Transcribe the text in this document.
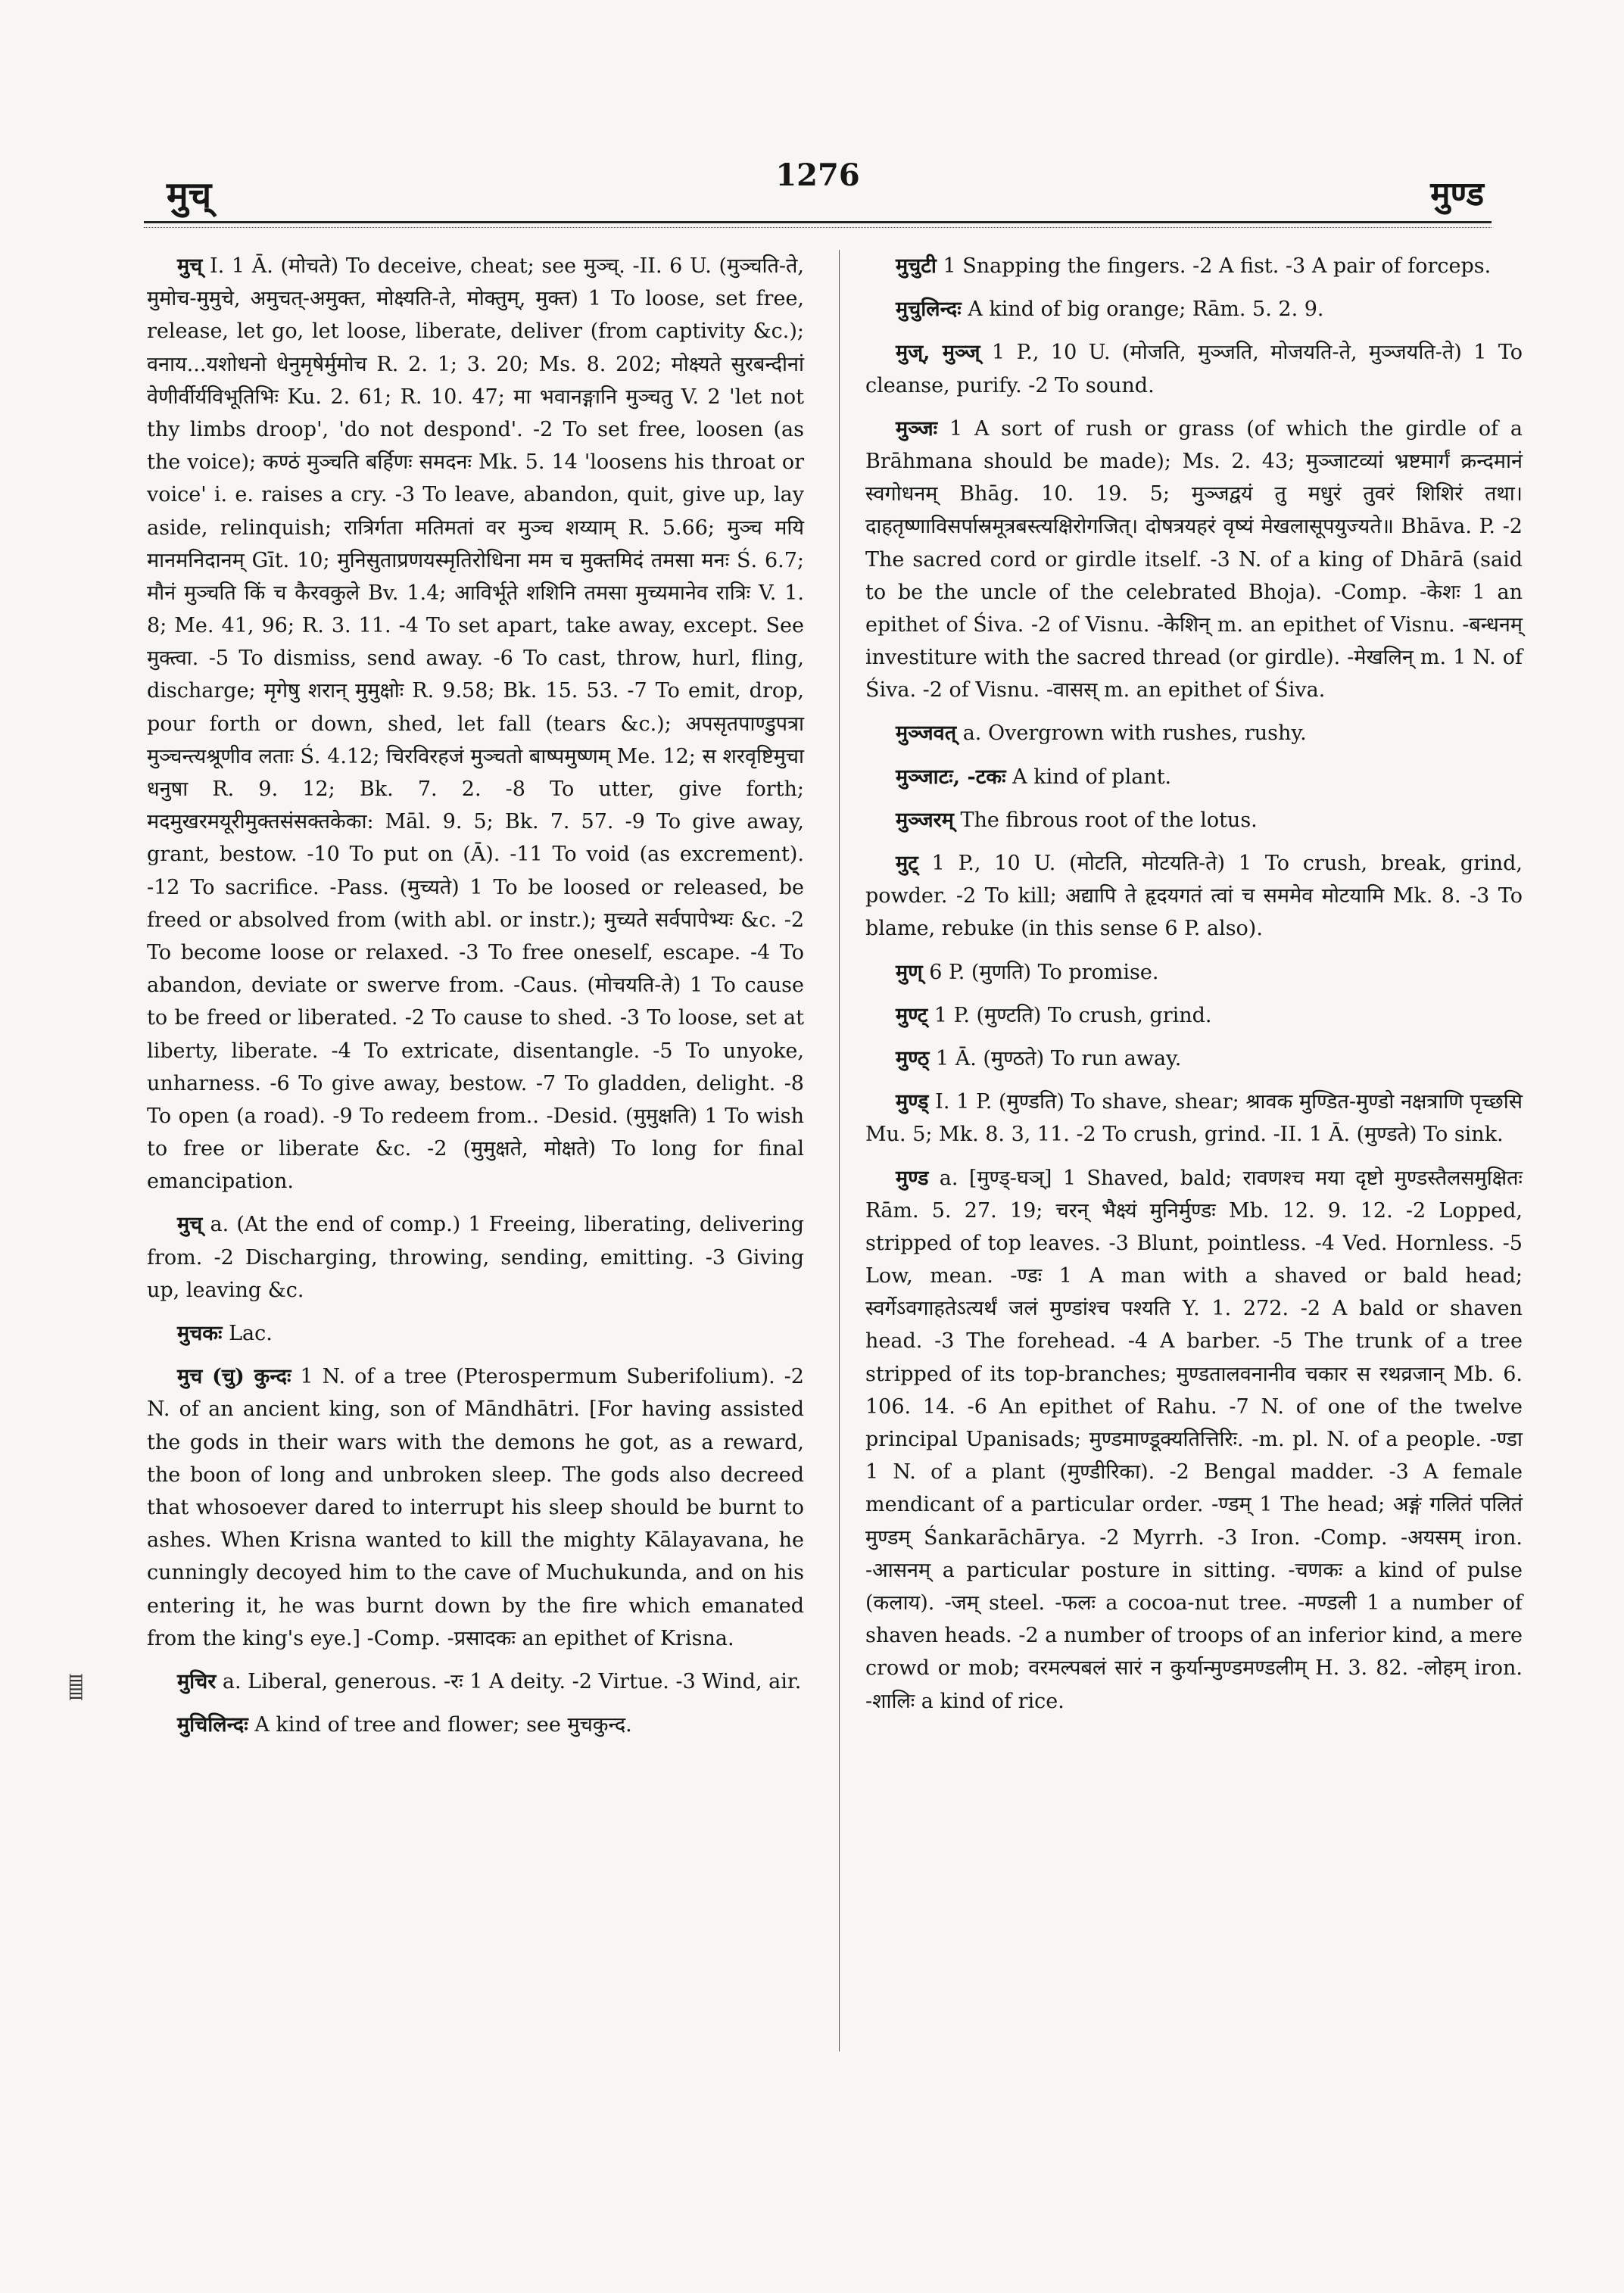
मुच्	1276	मुण्ड
IIIIII

मुच् I. 1 Ā. (मोचते) To deceive, cheat; see मुञ्च्. -II. 6 U. (मुञ्चति-ते, मुमोच-मुमुचे, अमुचत्-अमुक्त, मोक्ष्यति-ते, मोक्तुम्, मुक्त) 1 To loose, set free, release, let go, let loose, liberate, deliver (from captivity &c.); वनाय...यशोधनो धेनुमृषेर्मुमोच R. 2. 1; 3. 20; Ms. 8. 202; मोक्ष्यते सुरबन्दीनां वेणीर्वीर्यविभूतिभिः Ku. 2. 61; R. 10. 47; मा भवानङ्गानि मुञ्चतु V. 2 'let not thy limbs droop', 'do not despond'. -2 To set free, loosen (as the voice); कण्ठं मुञ्चति बर्हिणः समदनः Mk. 5. 14 'loosens his throat or voice' i. e. raises a cry. -3 To leave, abandon, quit, give up, lay aside, relinquish; रात्रिर्गता मतिमतां वर मुञ्च शय्याम् R. 5.66; मुञ्च मयि मानमनिदानम् Gīt. 10; मुनिसुताप्रणयस्मृतिरोधिना मम च मुक्तमिदं तमसा मनः Ś. 6.7; मौनं मुञ्चति किं च कैरवकुले Bv. 1.4; आविर्भूते शशिनि तमसा मुच्यमानेव रात्रिः V. 1. 8; Me. 41, 96; R. 3. 11. -4 To set apart, take away, except. See मुक्त्वा. -5 To dismiss, send away. -6 To cast, throw, hurl, fling, discharge; मृगेषु शरान् मुमुक्षोः R. 9.58; Bk. 15. 53. -7 To emit, drop, pour forth or down, shed, let fall (tears &c.); अपसृतपाण्डुपत्रा मुञ्चन्त्यश्रूणीव लताः Ś. 4.12; चिरविरहजं मुञ्चतो बाष्पमुष्णम् Me. 12; स शरवृष्टिमुचा धनुषा R. 9. 12; Bk. 7. 2. -8 To utter, give forth; मदमुखरमयूरीमुक्तसंसक्तकेका: Māl. 9. 5; Bk. 7. 57. -9 To give away, grant, bestow. -10 To put on (Ā). -11 To void (as excrement). -12 To sacrifice. -Pass. (मुच्यते) 1 To be loosed or released, be freed or absolved from (with abl. or instr.); मुच्यते सर्वपापेभ्यः &c. -2 To become loose or relaxed. -3 To free oneself, escape. -4 To abandon, deviate or swerve from. -Caus. (मोचयति-ते) 1 To cause to be freed or liberated. -2 To cause to shed. -3 To loose, set at liberty, liberate. -4 To extricate, disentangle. -5 To unyoke, unharness. -6 To give away, bestow. -7 To gladden, delight. -8 To open (a road). -9 To redeem from.. -Desid. (मुमुक्षति) 1 To wish to free or liberate &c. -2 (मुमुक्षते, मोक्षते) To long for final emancipation.

मुच् a. (At the end of comp.) 1 Freeing, liberating, delivering from. -2 Discharging, throwing, sending, emitting. -3 Giving up, leaving &c.

मुचकः Lac.

मुच (चु) कुन्दः 1 N. of a tree (Pterospermum Suberifolium). -2 N. of an ancient king, son of Māndhātri. [For having assisted the gods in their wars with the demons he got, as a reward, the boon of long and unbroken sleep. The gods also decreed that whosoever dared to interrupt his sleep should be burnt to ashes. When Krisna wanted to kill the mighty Kālayavana, he cunningly decoyed him to the cave of Muchukunda, and on his entering it, he was burnt down by the fire which emanated from the king's eye.] -Comp. -प्रसादकः an epithet of Krisna.

मुचिर a. Liberal, generous. -रः 1 A deity. -2 Virtue. -3 Wind, air.

मुचिलिन्दः A kind of tree and flower; see मुचकुन्द.

मुचुटी 1 Snapping the fingers. -2 A fist. -3 A pair of forceps.

मुचुलिन्दः A kind of big orange; Rām. 5. 2. 9.

मुज्, मुञ्ज् 1 P., 10 U. (मोजति, मुञ्जति, मोजयति-ते, मुञ्जयति-ते) 1 To cleanse, purify. -2 To sound.

मुञ्जः 1 A sort of rush or grass (of which the girdle of a Brāhmana should be made); Ms. 2. 43; मुञ्जाटव्यां भ्रष्टमार्गं क्रन्दमानं स्वगोधनम् Bhāg. 10. 19. 5; मुञ्जद्वयं तु मधुरं तुवरं शिशिरं तथा। दाहतृष्णाविसर्पास्रमूत्रबस्त्यक्षिरोगजित्। दोषत्रयहरं वृष्यं मेखलासूपयुज्यते॥ Bhāva. P. -2 The sacred cord or girdle itself. -3 N. of a king of Dhārā (said to be the uncle of the celebrated Bhoja). -Comp. -केशः 1 an epithet of Śiva. -2 of Visnu. -केशिन् m. an epithet of Visnu. -बन्धनम् investiture with the sacred thread (or girdle). -मेखलिन् m. 1 N. of Śiva. -2 of Visnu. -वासस् m. an epithet of Śiva.

मुञ्जवत् a. Overgrown with rushes, rushy.

मुञ्जाटः, -टकः A kind of plant.

मुञ्जरम् The fibrous root of the lotus.

मुट् 1 P., 10 U. (मोटति, मोटयति-ते) 1 To crush, break, grind, powder. -2 To kill; अद्यापि ते हृदयगतं त्वां च सममेव मोटयामि Mk. 8. -3 To blame, rebuke (in this sense 6 P. also).

मुण् 6 P. (मुणति) To promise.

मुण्ट् 1 P. (मुण्टति) To crush, grind.

मुण्ठ् 1 Ā. (मुण्ठते) To run away.

मुण्ड् I. 1 P. (मुण्डति) To shave, shear; श्रावक मुण्डित-मुण्डो नक्षत्राणि पृच्छसि Mu. 5; Mk. 8. 3, 11. -2 To crush, grind. -II. 1 Ā. (मुण्डते) To sink.

मुण्ड a. [मुण्ड्-घञ्] 1 Shaved, bald; रावणश्च मया दृष्टो मुण्डस्तैलसमुक्षितः Rām. 5. 27. 19; चरन् भैक्ष्यं मुनिर्मुण्डः Mb. 12. 9. 12. -2 Lopped, stripped of top leaves. -3 Blunt, pointless. -4 Ved. Hornless. -5 Low, mean. -ण्डः 1 A man with a shaved or bald head; स्वर्गेऽवगाहतेऽत्यर्थं जलं मुण्डांश्च पश्यति Y. 1. 272. -2 A bald or shaven head. -3 The forehead. -4 A barber. -5 The trunk of a tree stripped of its top-branches; मुण्डतालवनानीव चकार स रथव्रजान् Mb. 6. 106. 14. -6 An epithet of Rahu. -7 N. of one of the twelve principal Upanisads; मुण्डमाण्डूक्यतित्तिरिः. -m. pl. N. of a people. -ण्डा 1 N. of a plant (मुण्डीरिका). -2 Bengal madder. -3 A female mendicant of a particular order. -ण्डम् 1 The head; अङ्गं गलितं पलितं मुण्डम् Śankarāchārya. -2 Myrrh. -3 Iron. -Comp. -अयसम् iron. -आसनम् a particular posture in sitting. -चणकः a kind of pulse (कलाय). -जम् steel. -फलः a cocoa-nut tree. -मण्डली 1 a number of shaven heads. -2 a number of troops of an inferior kind, a mere crowd or mob; वरमल्पबलं सारं न कुर्यान्मुण्डमण्डलीम् H. 3. 82. -लोहम् iron. -शालिः a kind of rice.
